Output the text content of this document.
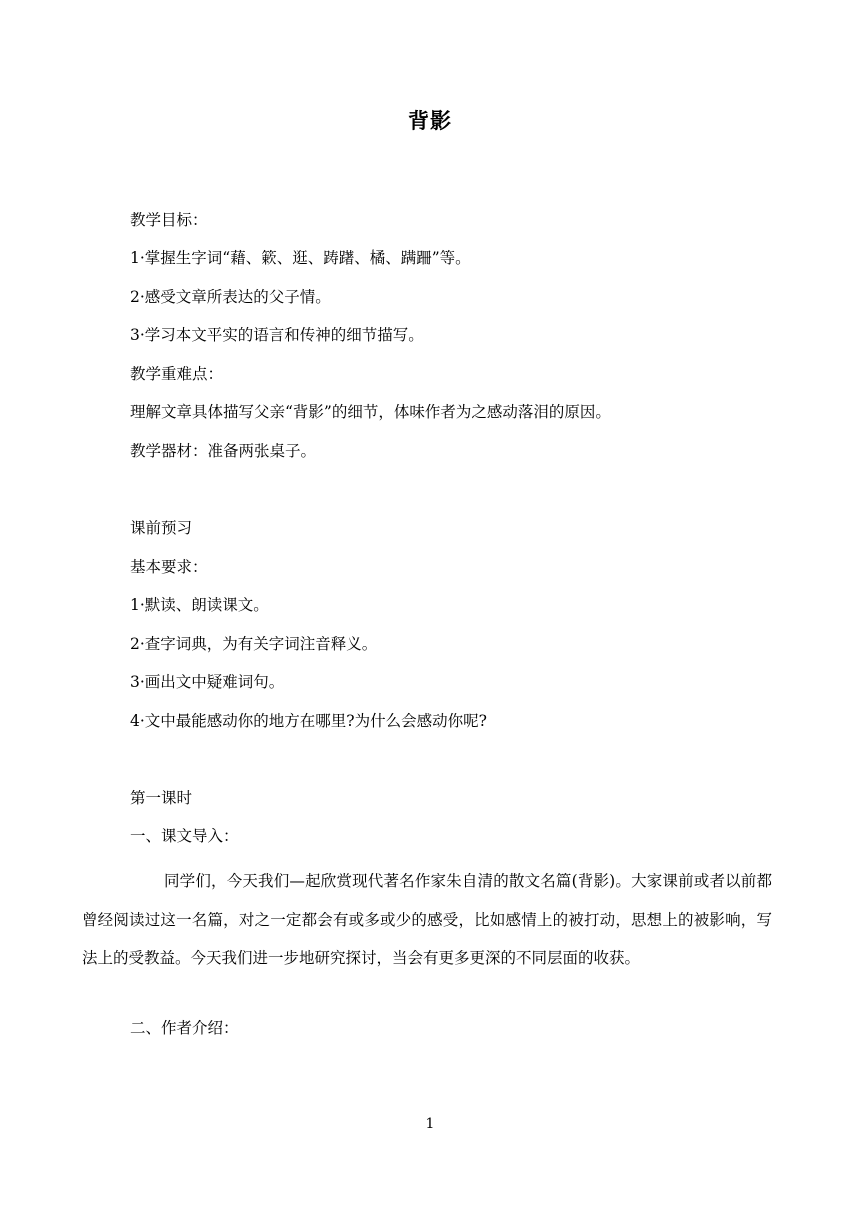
背影
教学目标：
1·掌握生字词“藉、簌、逛、踌躇、橘、蹒跚”等。
2·感受文章所表达的父子情。
3·学习本文平实的语言和传神的细节描写。
教学重难点：
理解文章具体描写父亲“背影”的细节，体味作者为之感动落泪的原因。
教学器材：准备两张桌子。
课前预习
基本要求：
1·默读、朗读课文。
2·查字词典，为有关字词注音释义。
3·画出文中疑难词句。
4·文中最能感动你的地方在哪里?为什么会感动你呢?
第一课时
一、课文导入：
同学们，今天我们—起欣赏现代著名作家朱自清的散文名篇(背影)。大家课前或者以前都曾经阅读过这一名篇，对之一定都会有或多或少的感受，比如感情上的被打动，思想上的被影响，写法上的受教益。今天我们进一步地研究探讨，当会有更多更深的不同层面的收获。
二、作者介绍：
1
